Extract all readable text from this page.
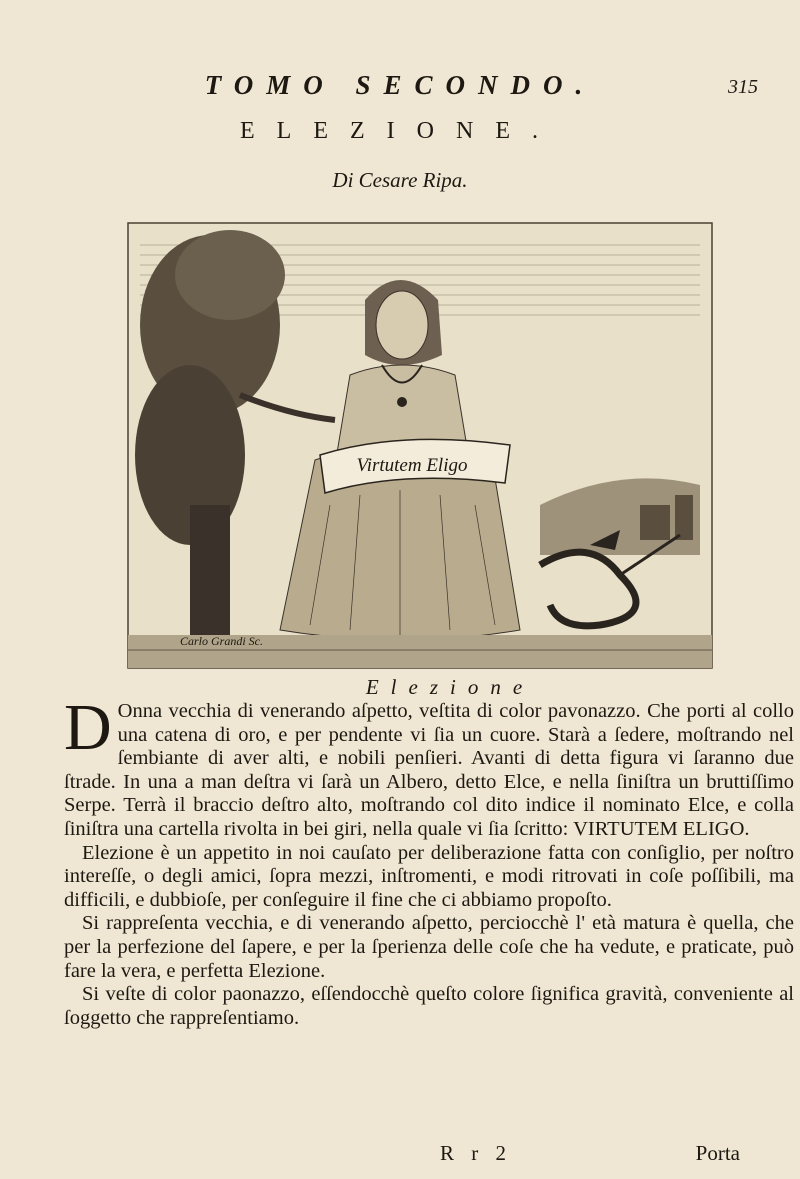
TOMO SECONDO.	315
ELEZIONE.
Di Cesare Ripa.
Virtutem Eligo
Carlo Grandi Sc.
Elezione

D Onna vecchia di venerando aſpetto, veſtita di color pavonazzo. Che porti al collo una catena di oro, e per pendente vi ſia un cuore. Starà a ſedere, moſtrando nel ſembiante di aver alti, e nobili penſieri. Avanti di detta figura vi ſaranno due ſtrade. In una a man deſtra vi ſarà un Albero, detto Elce, e nella ſiniſtra un bruttiſſimo Serpe. Terrà il braccio deſtro alto, moſtrando col dito indice il nominato Elce, e colla ſiniſtra una cartella rivolta in bei giri, nella quale vi ſia ſcritto: VIRTUTEM ELIGO.

Elezione è un appetito in noi cauſato per deliberazione fatta con conſiglio, per noſtro intereſſe, o degli amici, ſopra mezzi, inſtromenti, e modi ritrovati in coſe poſſibili, ma difficili, e dubbioſe, per conſeguire il fine che ci abbiamo propoſto.

Si rappreſenta vecchia, e di venerando aſpetto, perciocchè l' età matura è quella, che per la perfezione del ſapere, e per la ſperienza delle coſe che ha vedute, e praticate, può fare la vera, e perfetta Elezione.

Si veſte di color paonazzo, eſſendocchè queſto colore ſignifica gravità, conveniente al ſoggetto che rappreſentiamo.

R r 2	Porta
